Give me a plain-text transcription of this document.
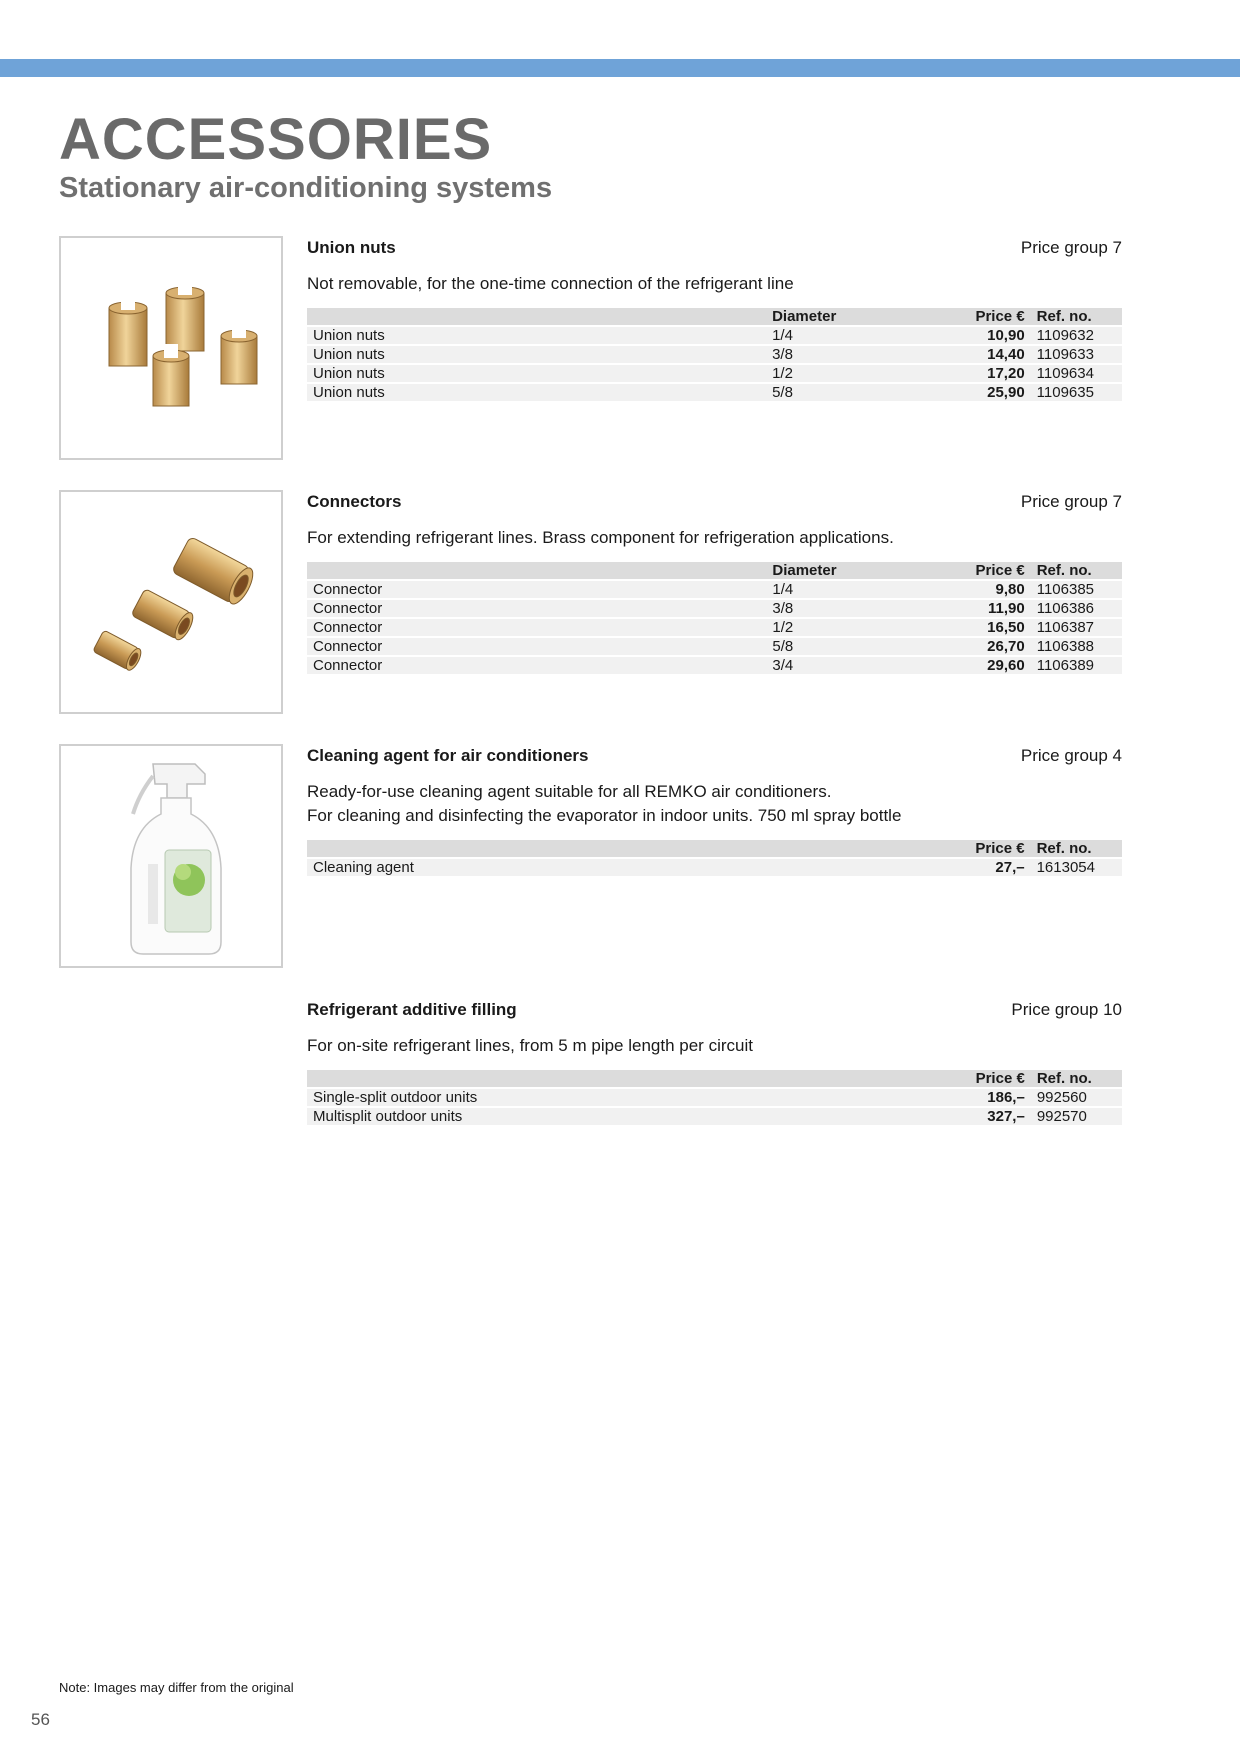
ACCESSORIES
Stationary air-conditioning systems
Union nuts	Price group 7
Not removable, for the one-time connection of the refrigerant line
	Diameter	Price €	Ref. no.
Union nuts	1/4	10,90	1109632
Union nuts	3/8	14,40	1109633
Union nuts	1/2	17,20	1109634
Union nuts	5/8	25,90	1109635
Connectors	Price group 7
For extending refrigerant lines. Brass component for refrigeration applications.
	Diameter	Price €	Ref. no.
Connector	1/4	9,80	1106385
Connector	3/8	11,90	1106386
Connector	1/2	16,50	1106387
Connector	5/8	26,70	1106388
Connector	3/4	29,60	1106389
Cleaning agent for air conditioners	Price group 4
Ready-for-use cleaning agent suitable for all REMKO air conditioners.
For cleaning and disinfecting the evaporator in indoor units. 750 ml spray bottle
		Price €	Ref. no.
Cleaning agent		27,–	1613054
Refrigerant additive filling	Price group 10
For on-site refrigerant lines, from 5 m pipe length per circuit
		Price €	Ref. no.
Single-split outdoor units		186,–	992560
Multisplit outdoor units		327,–	992570
Note: Images may differ from the original
56
